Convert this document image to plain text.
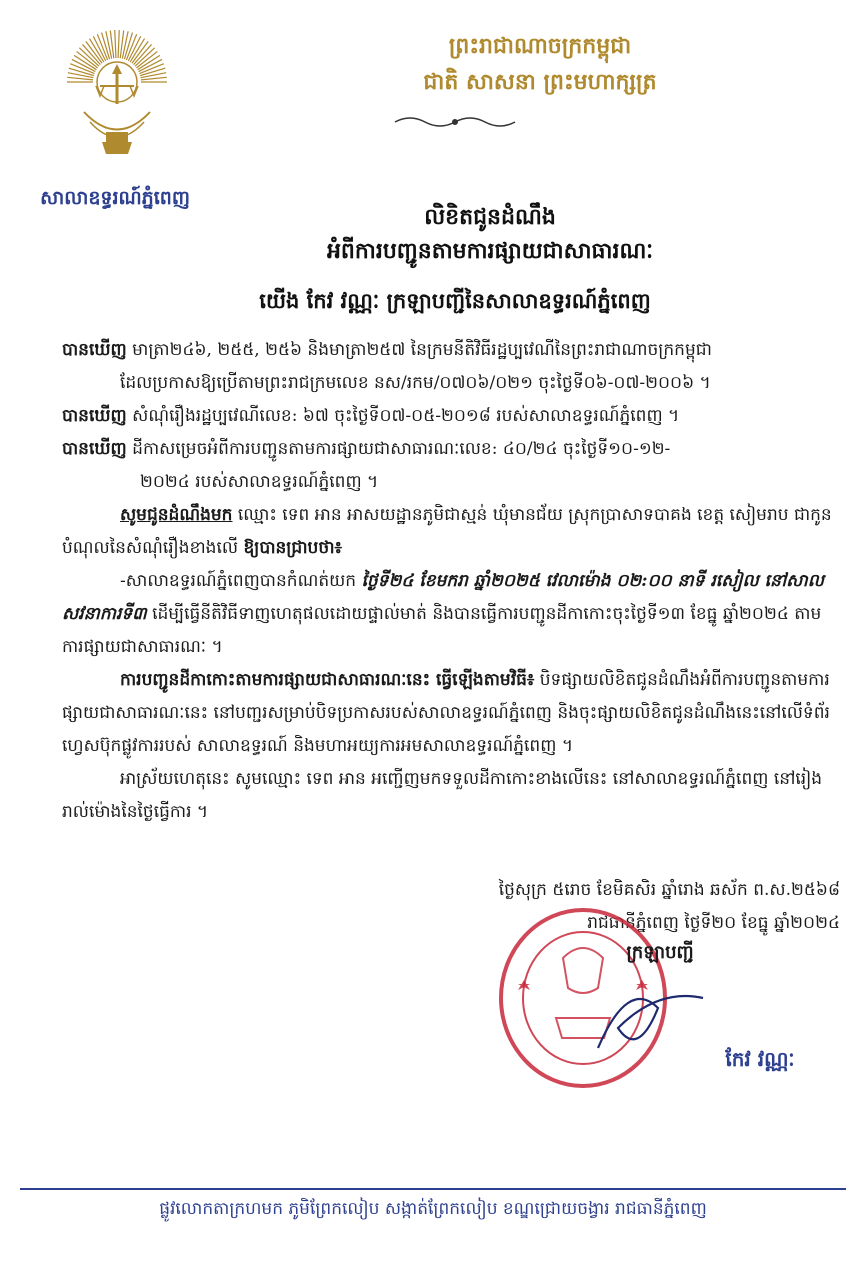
សាលាឧទ្ធរណ៍ភ្នំពេញ
ព្រះរាជាណាចក្រកម្ពុជា
ជាតិ សាសនា ព្រះមហាក្សត្រ
លិខិតជូនដំណឹង
អំពីការបញ្ជូនតាមការផ្សាយជាសាធារណៈ
យើង កែវ វណ្ណៈ ក្រឡាបញ្ជីនៃសាលាឧទ្ធរណ៍ភ្នំពេញ

បានឃើញ មាត្រា២៤៦, ២៥៥, ២៥៦ និងមាត្រា២៥៧ នៃក្រមនីតិវិធីរដ្ឋប្បវេណីនៃព្រះរាជាណាចក្រកម្ពុជា

ដែលប្រកាសឱ្យប្រើតាមព្រះរាជក្រមលេខ នស/រកម/០៧០៦/០២១ ចុះថ្ងៃទី០៦-០៧-២០០៦ ។

បានឃើញ សំណុំរឿងរដ្ឋប្បវេណីលេខ: ៦៧ ចុះថ្ងៃទី០៧-០៥-២០១៨ របស់សាលាឧទ្ធរណ៍ភ្នំពេញ ។

បានឃើញ ដីកាសម្រេចអំពីការបញ្ជូនតាមការផ្សាយជាសាធារណៈលេខ: ៤០/២៤ ចុះថ្ងៃទី១០-១២-

២០២៤ របស់សាលាឧទ្ធរណ៍ភ្នំពេញ ។

សូមជូនដំណឹងមក ឈ្មោះ ទេព អាន អាសយដ្ឋានភូមិជាស្មន់ ឃុំមានជ័យ ស្រុកប្រាសាទបាគង ខេត្ត សៀមរាប ជាកូនបំណុលនៃសំណុំរឿងខាងលើ ឱ្យបានជ្រាបថា៖

-សាលាឧទ្ធរណ៍ភ្នំពេញបានកំណត់យក ថ្ងៃទី២៤ ខែមករា ឆ្នាំ២០២៥ វេលាម៉ោង ០២:០០ នាទី រសៀល នៅសាលសវនាការទី៣ ដើម្បីធ្វើនីតិវិធីទាញហេតុផលដោយផ្ទាល់មាត់ និងបានធ្វើការបញ្ជូនដីកាកោះចុះថ្ងៃទី១៣ ខែធ្នូ ឆ្នាំ២០២៤ តាមការផ្សាយជាសាធារណៈ ។

ការបញ្ជូនដីកាកោះតាមការផ្សាយជាសាធារណៈនេះ ធ្វើឡើងតាមវិធី៖ បិទផ្សាយលិខិតជូនដំណឹងអំពីការបញ្ជូនតាមការផ្សាយជាសាធារណៈនេះ នៅបញ្ជរសម្រាប់បិទប្រកាសរបស់សាលាឧទ្ធរណ៍ភ្នំពេញ និងចុះផ្សាយលិខិតជូនដំណឹងនេះនៅលើទំព័រហ្វេសប៊ុកផ្លូវការរបស់ សាលាឧទ្ធរណ៍ និងមហាអយ្យការអមសាលាឧទ្ធរណ៍ភ្នំពេញ ។

អាស្រ័យហេតុនេះ សូមឈ្មោះ ទេព អាន អញ្ជើញមកទទួលដីកាកោះខាងលើនេះ នៅសាលាឧទ្ធរណ៍ភ្នំពេញ នៅរៀងរាល់ម៉ោងនៃថ្ងៃធ្វើការ ។

ថ្ងៃសុក្រ ៥រោច ខែមិគសិរ ឆ្នាំរោង ឆស័ក ព.ស.២៥៦៨
រាជធានីភ្នំពេញ ថ្ងៃទី២០ ខែធ្នូ ឆ្នាំ២០២៤
ក្រឡាបញ្ជី
កែវ វណ្ណៈ
ផ្លូវលោកតាក្រហមក ភូមិព្រែកលៀប សង្កាត់ព្រែកលៀប ខណ្ឌជ្រោយចង្វារ រាជធានីភ្នំពេញ
